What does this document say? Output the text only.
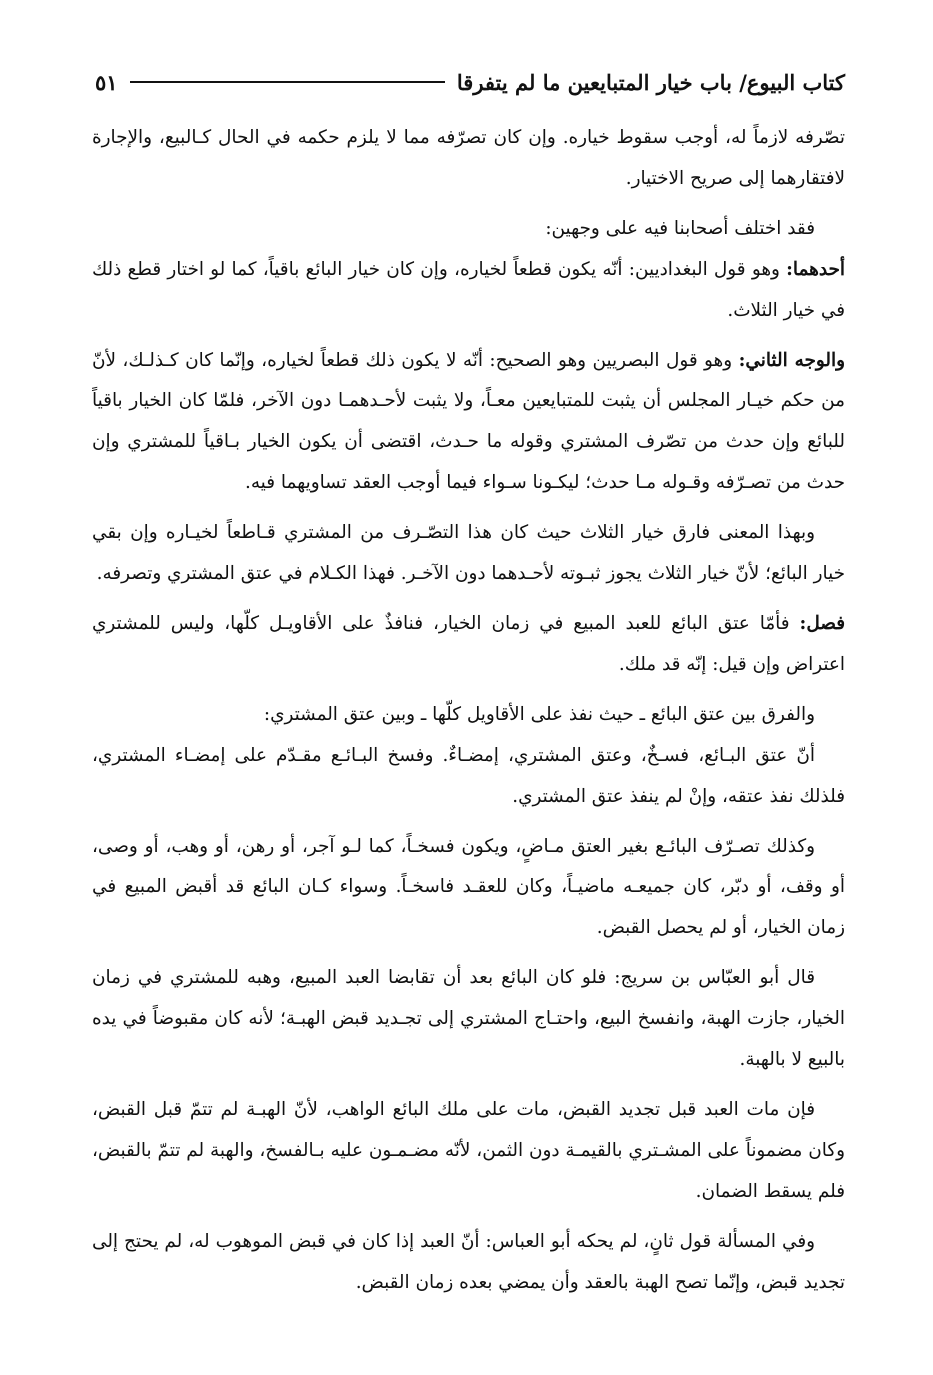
كتاب البيوع/ باب خيار المتبايعين ما لم يتفرقا
٥١

تصّرفه لازماً له، أوجب سقوط خياره. وإن كان تصرّفه مما لا يلزم حكمه في الحال كـالبيع، والإجارة لافتقارهما إلى صريح الاختيار.

فقد اختلف أصحابنا فيه على وجهين:

أحدهما: وهو قول البغداديين: أنّه يكون قطعاً لخياره، وإن كان خيار البائع باقياً، كما لو اختار قطع ذلك في خيار الثلاث.

والوجه الثاني: وهو قول البصريين وهو الصحيح: أنّه لا يكون ذلك قطعاً لخياره، وإنّما كان كـذلـك، لأنّ من حكم خيـار المجلس أن يثبت للمتبايعين معـاً، ولا يثبت لأحـدهمـا دون الآخر، فلمّا كان الخيار باقياً للبائع وإن حدث من تصّرف المشتري وقوله ما حـدث، اقتضى أن يكون الخيار بـاقياً للمشتري وإن حدث من تصـرّفه وقـوله مـا حدث؛ ليكـونا سـواء فيما أوجب العقد تساويهما فيه.

وبهذا المعنى فارق خيار الثلاث حيث كان هذا التصّـرف من المشتري قـاطعاً لخيـاره وإن بقي خيار البائع؛ لأنّ خيار الثلاث يجوز ثبـوته لأحـدهما دون الآخـر. فهذا الكـلام في عتق المشتري وتصرفه.

فصل: فأمّا عتق البائع للعبد المبيع في زمان الخيار، فنافذٌ على الأقاويـل كلّها، وليس للمشتري اعتراض وإن قيل: إنّه قد ملك.

والفرق بين عتق البائع ـ حيث نفذ على الأقاويل كلّها ـ وبين عتق المشتري:

أنّ عتق البـائع، فسـخٌ، وعتق المشتري، إمضـاءٌ. وفسخ البـائـع مقـدّم على إمضـاء المشتري، فلذلك نفذ عتقه، وإنْ لم ينفذ عتق المشتري.

وكذلك تصـرّف البائـع بغير العتق مـاضٍ، ويكون فسخـاً، كما لـو آجر، أو رهن، أو وهب، أو وصى، أو وقف، أو دبّر، كان جميعـه ماضيـاً، وكان للعقـد فاسخـاً. وسواء كـان البائع قد أقبض المبيع في زمان الخيار، أو لم يحصل القبض.

قال أبو العبّاس بن سريج: فلو كان البائع بعد أن تقابضا العبد المبيع، وهبه للمشتري في زمان الخيار، جازت الهبة، وانفسخ البيع، واحتـاج المشتري إلى تجـديد قبض الهبـة؛ لأنه كان مقبوضاً في يده بالبيع لا بالهبة.

فإن مات العبد قبل تجديد القبض، مات على ملك البائع الواهب، لأنّ الهبـة لم تتمّ قبل القبض، وكان مضموناً على المشـتري بالقيمـة دون الثمن، لأنّه مضـمـون عليه بـالفسخ، والهبة لم تتمّ بالقبض، فلم يسقط الضمان.

وفي المسألة قول ثانٍ، لم يحكه أبو العباس: أنّ العبد إذا كان في قبض الموهوب له، لم يحتج إلى تجديد قبض، وإنّما تصح الهبة بالعقد وأن يمضي بعده زمان القبض.
